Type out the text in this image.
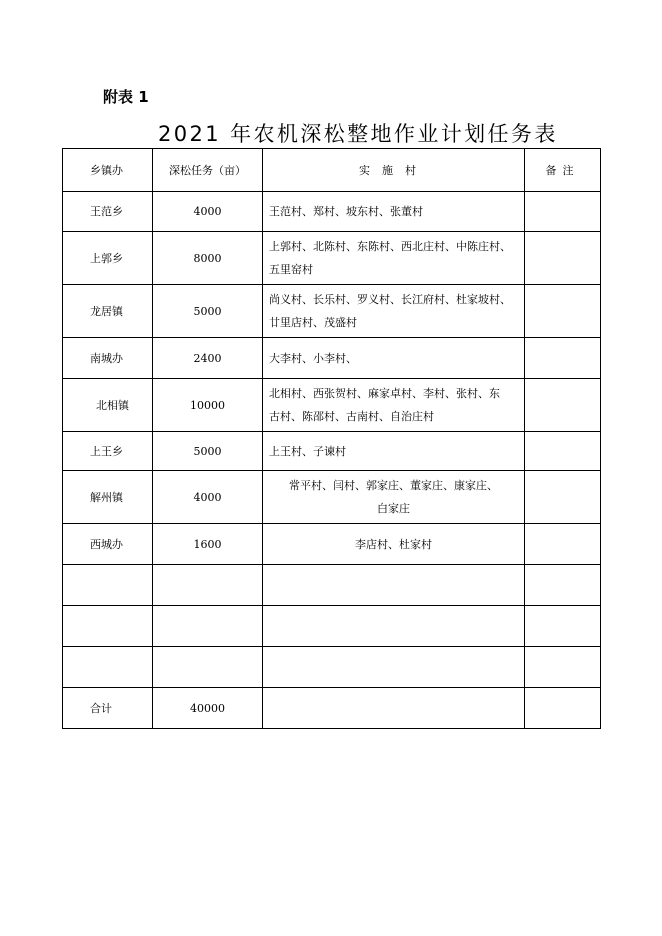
附表 1
2021 年农机深松整地作业计划任务表
乡镇办	深松任务（亩）	实施村	备注
王范乡	4000	王范村、郑村、坡东村、张董村	

上郭乡	8000	上郭村、北陈村、东陈村、西北庄村、中陈庄村、
五里窑村	

龙居镇	5000	尚义村、长乐村、罗义村、长江府村、杜家坡村、
廿里店村、茂盛村	

南城办	2400	大李村、小李村、	

北相镇	10000	北相村、西张贺村、麻家卓村、李村、张村、东
古村、陈邵村、古南村、自治庄村	

上王乡	5000	上王村、子谏村	

解州镇	4000	常平村、闫村、郭家庄、董家庄、康家庄、
白家庄	

西城办	1600	李店村、杜家村	

合计	40000		
